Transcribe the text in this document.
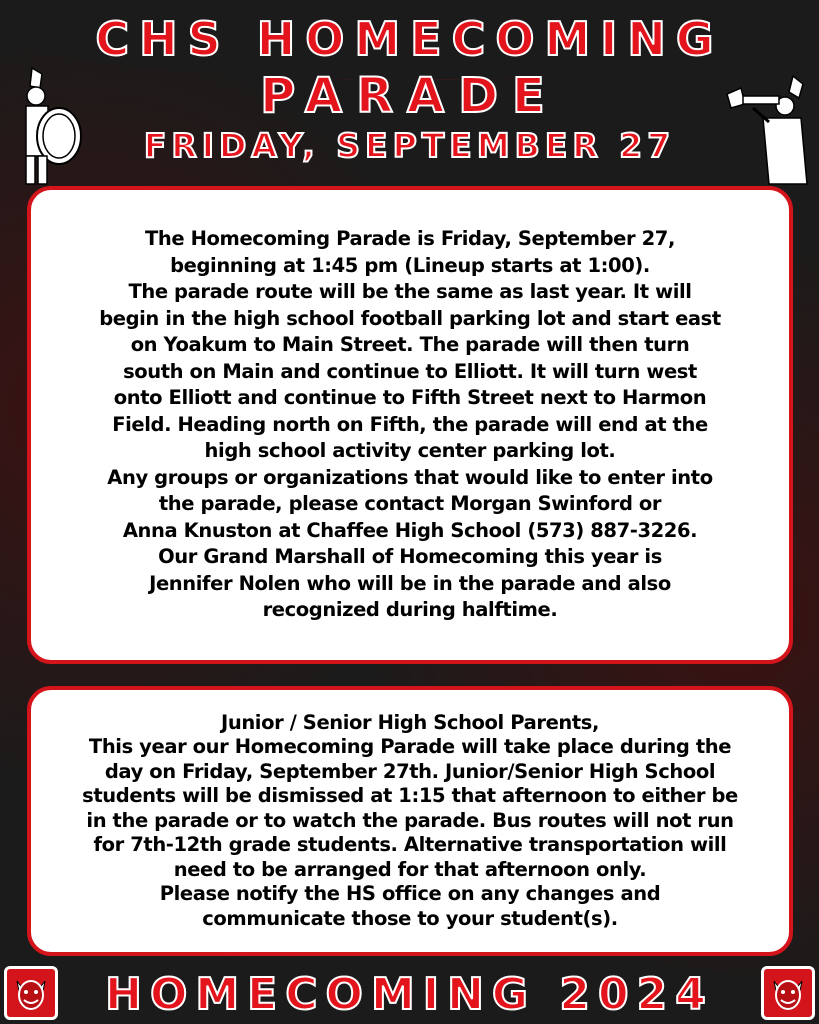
CHS HOMECOMING
PARADE
FRIDAY, SEPTEMBER 27

The Homecoming Parade is Friday, September 27,

beginning at 1:45 pm (Lineup starts at 1:00).

The parade route will be the same as last year. It will

begin in the high school football parking lot and start east

on Yoakum to Main Street. The parade will then turn

south on Main and continue to Elliott. It will turn west

onto Elliott and continue to Fifth Street next to Harmon

Field. Heading north on Fifth, the parade will end at the

high school activity center parking lot.

Any groups or organizations that would like to enter into

the parade, please contact Morgan Swinford or

Anna Knuston at Chaffee High School (573) 887-3226.

Our Grand Marshall of Homecoming this year is

Jennifer Nolen who will be in the parade and also

recognized during halftime.

Junior / Senior High School Parents,

This year our Homecoming Parade will take place during the

day on Friday, September 27th. Junior/Senior High School

students will be dismissed at 1:15 that afternoon to either be

in the parade or to watch the parade. Bus routes will not run

for 7th-12th grade students. Alternative transportation will

need to be arranged for that afternoon only.

Please notify the HS office on any changes and

communicate those to your student(s).

HOMECOMING 2024
